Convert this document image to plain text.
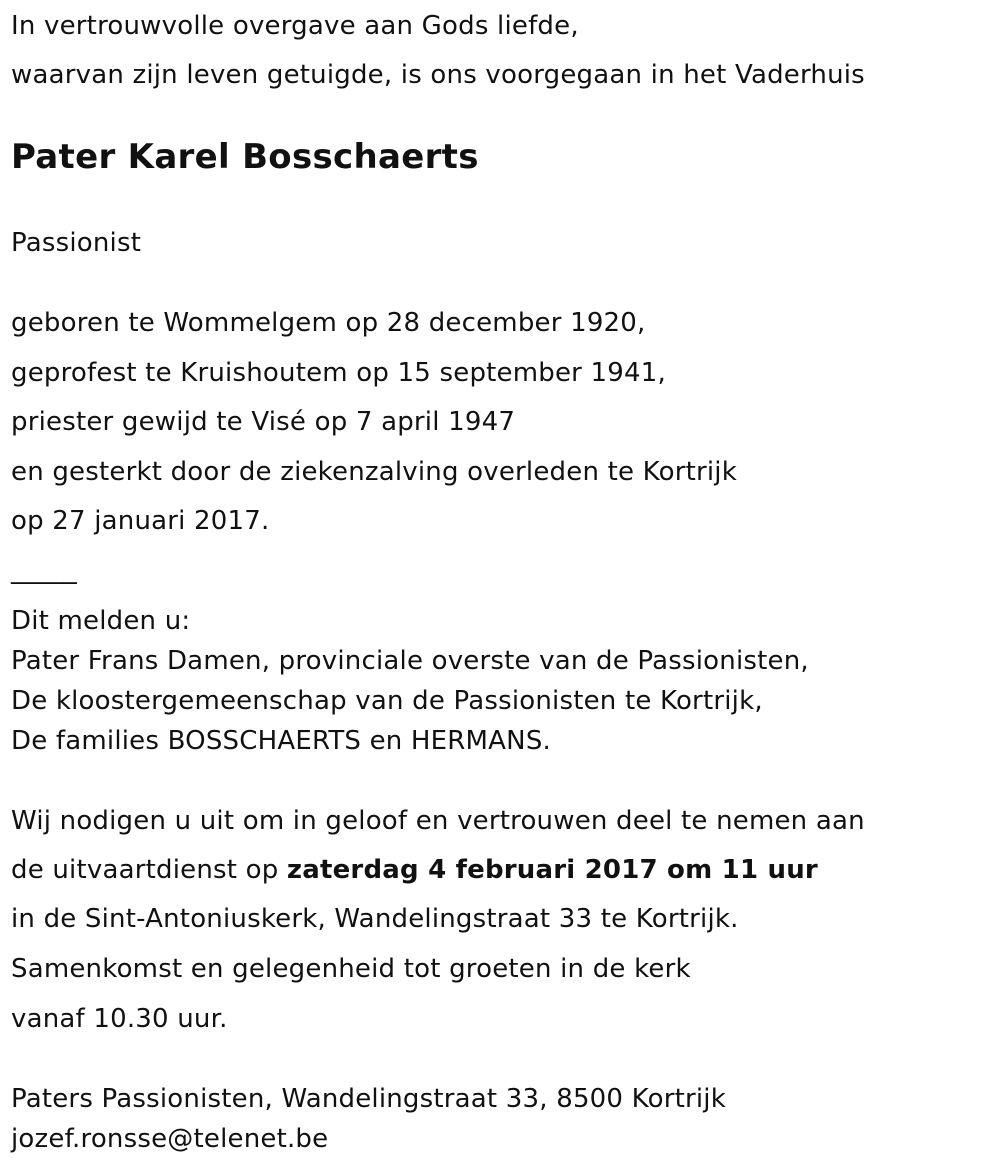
In vertrouwvolle overgave aan Gods liefde,
waarvan zijn leven getuigde, is ons voorgegaan in het Vaderhuis
Pater Karel Bosschaerts
Passionist
geboren te Wommelgem op 28 december 1920,
geprofest te Kruishoutem op 15 september 1941,
priester gewijd te Visé op 7 april 1947
en gesterkt door de ziekenzalving overleden te Kortrijk
op 27 januari 2017.
_____
Dit melden u:
Pater Frans Damen, provinciale overste van de Passionisten,
De kloostergemeenschap van de Passionisten te Kortrijk,
De families BOSSCHAERTS en HERMANS.
Wij nodigen u uit om in geloof en vertrouwen deel te nemen aan
de uitvaartdienst op zaterdag 4 februari 2017 om 11 uur
in de Sint-Antoniuskerk, Wandelingstraat 33 te Kortrijk.
Samenkomst en gelegenheid tot groeten in de kerk
vanaf 10.30 uur.
Paters Passionisten, Wandelingstraat 33, 8500 Kortrijk
jozef.ronsse@telenet.be
